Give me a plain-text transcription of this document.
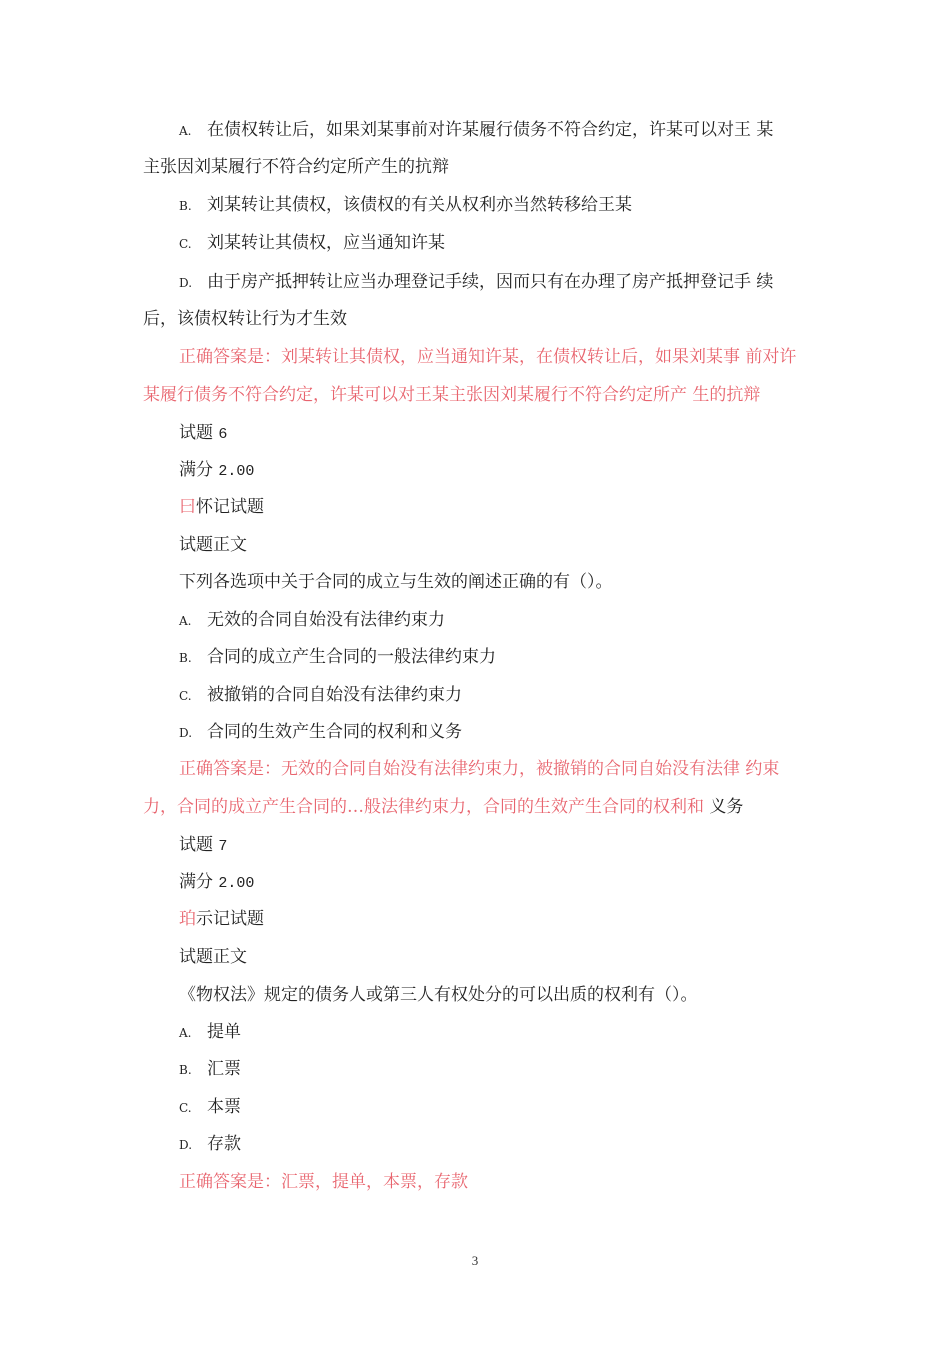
A. 在债权转让后，如果刘某事前对许某履行债务不符合约定，许某可以对王 某
主张因刘某履行不符合约定所产生的抗辩
B. 刘某转让其债权，该债权的有关从权利亦当然转移给王某
C. 刘某转让其债权，应当通知许某
D. 由于房产抵押转让应当办理登记手续，因而只有在办理了房产抵押登记手 续
后，该债权转让行为才生效
正确答案是：刘某转让其债权，应当通知许某，在债权转让后，如果刘某事 前对许
某履行债务不符合约定，许某可以对王某主张因刘某履行不符合约定所产 生的抗辩
试题 6
满分 2.00
曰怀记试题
试题正文
下列各选项中关于合同的成立与生效的阐述正确的有（）。
A. 无效的合同自始没有法律约束力
B. 合同的成立产生合同的一般法律约束力
C. 被撤销的合同自始没有法律约束力
D. 合同的生效产生合同的权利和义务
正确答案是：无效的合同自始没有法律约束力，被撤销的合同自始没有法律 约束
力，合同的成立产生合同的…般法律约束力，合同的生效产生合同的权利和 义务
试题 7
满分 2.00
珀示记试题
试题正文
《物权法》规定的债务人或第三人有权处分的可以出质的权利有（）。
A. 提单
B. 汇票
C. 本票
D. 存款
正确答案是：汇票，提单，本票，存款
3
